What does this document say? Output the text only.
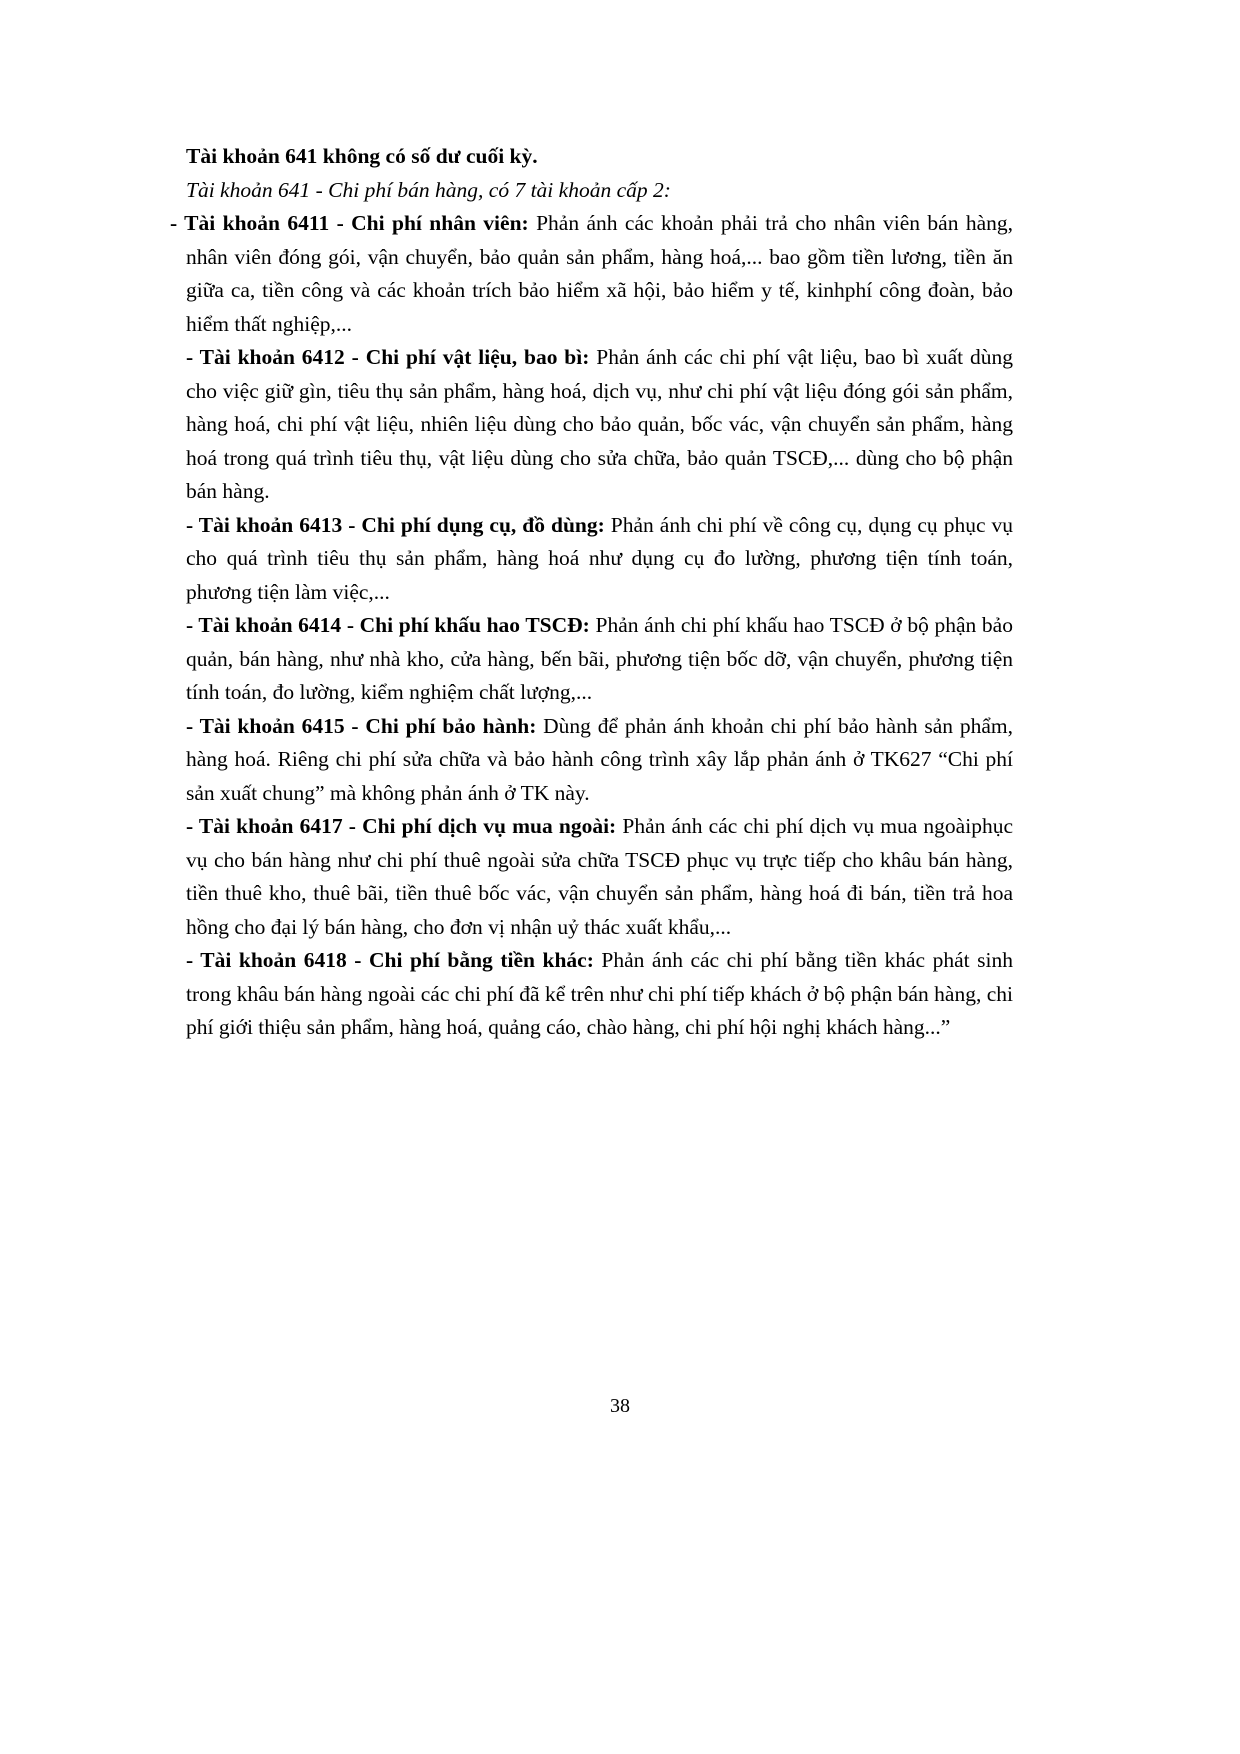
Tài khoản 641 không có số dư cuối kỳ.

Tài khoản 641 - Chi phí bán hàng, có 7 tài khoản cấp 2:

- Tài khoản 6411 - Chi phí nhân viên: Phản ánh các khoản phải trả cho nhân viên bán hàng, nhân viên đóng gói, vận chuyển, bảo quản sản phẩm, hàng hoá,... bao gồm tiền lương, tiền ăn giữa ca, tiền công và các khoản trích bảo hiểm xã hội, bảo hiểm y tế, kinhphí công đoàn, bảo hiểm thất nghiệp,...

- Tài khoản 6412 - Chi phí vật liệu, bao bì: Phản ánh các chi phí vật liệu, bao bì xuất dùng cho việc giữ gìn, tiêu thụ sản phẩm, hàng hoá, dịch vụ, như chi phí vật liệu đóng gói sản phẩm, hàng hoá, chi phí vật liệu, nhiên liệu dùng cho bảo quản, bốc vác, vận chuyển sản phẩm, hàng hoá trong quá trình tiêu thụ, vật liệu dùng cho sửa chữa, bảo quản TSCĐ,... dùng cho bộ phận bán hàng.

- Tài khoản 6413 - Chi phí dụng cụ, đồ dùng: Phản ánh chi phí về công cụ, dụng cụ phục vụ cho quá trình tiêu thụ sản phẩm, hàng hoá như dụng cụ đo lường, phương tiện tính toán, phương tiện làm việc,...

- Tài khoản 6414 - Chi phí khấu hao TSCĐ: Phản ánh chi phí khấu hao TSCĐ ở bộ phận bảo quản, bán hàng, như nhà kho, cửa hàng, bến bãi, phương tiện bốc dỡ, vận chuyển, phương tiện tính toán, đo lường, kiểm nghiệm chất lượng,...

- Tài khoản 6415 - Chi phí bảo hành: Dùng để phản ánh khoản chi phí bảo hành sản phẩm, hàng hoá. Riêng chi phí sửa chữa và bảo hành công trình xây lắp phản ánh ở TK627 “Chi phí sản xuất chung” mà không phản ánh ở TK này.

- Tài khoản 6417 - Chi phí dịch vụ mua ngoài: Phản ánh các chi phí dịch vụ mua ngoàiphục vụ cho bán hàng như chi phí thuê ngoài sửa chữa TSCĐ phục vụ trực tiếp cho khâu bán hàng, tiền thuê kho, thuê bãi, tiền thuê bốc vác, vận chuyển sản phẩm, hàng hoá đi bán, tiền trả hoa hồng cho đại lý bán hàng, cho đơn vị nhận uỷ thác xuất khẩu,...

- Tài khoản 6418 - Chi phí bằng tiền khác: Phản ánh các chi phí bằng tiền khác phát sinh trong khâu bán hàng ngoài các chi phí đã kể trên như chi phí tiếp khách ở bộ phận bán hàng, chi phí giới thiệu sản phẩm, hàng hoá, quảng cáo, chào hàng, chi phí hội nghị khách hàng...”

38
